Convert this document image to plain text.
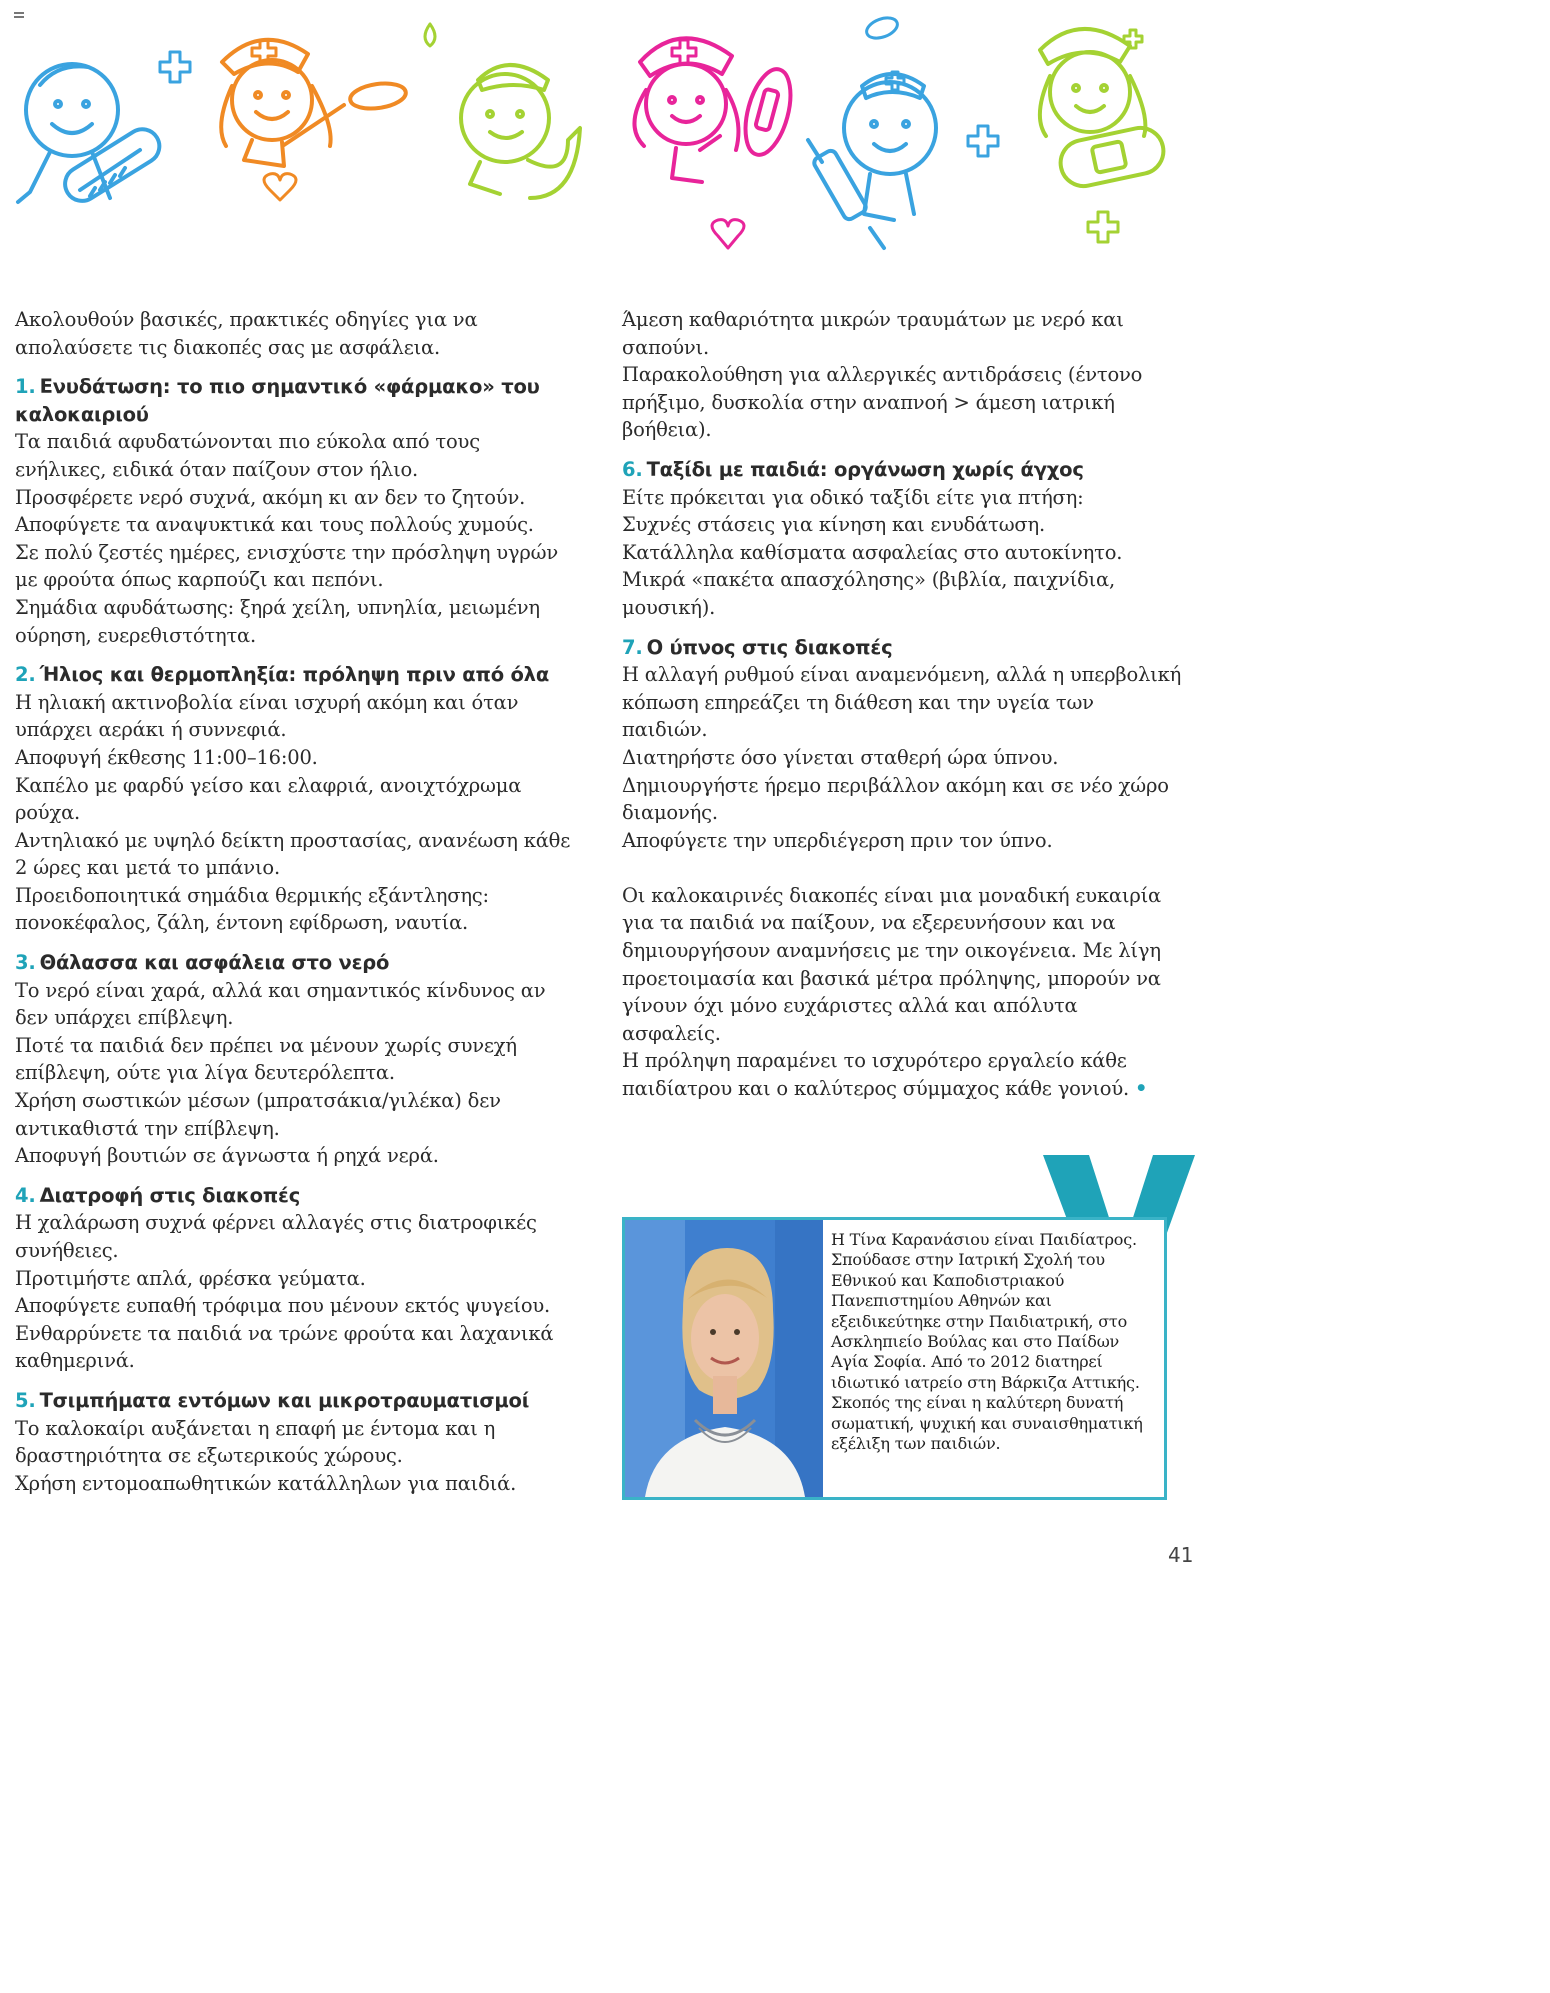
Ακολουθούν βασικές, πρακτικές οδηγίες για να απολαύσετε τις διακοπές σας με ασφάλεια.

1. Ενυδάτωση: το πιο σημαντικό «φάρμακο» του καλοκαιριού

Τα παιδιά αφυδατώνονται πιο εύκολα από τους ενήλικες, ειδικά όταν παίζουν στον ήλιο.

Προσφέρετε νερό συχνά, ακόμη κι αν δεν το ζητούν.

Αποφύγετε τα αναψυκτικά και τους πολλούς χυμούς.

Σε πολύ ζεστές ημέρες, ενισχύστε την πρόσληψη υγρών με φρούτα όπως καρπούζι και πεπόνι.

Σημάδια αφυδάτωσης: ξηρά χείλη, υπνηλία, μειωμένη ούρηση, ευερεθιστότητα.

2. Ήλιος και θερμοπληξία: πρόληψη πριν από όλα

Η ηλιακή ακτινοβολία είναι ισχυρή ακόμη και όταν υπάρχει αεράκι ή συννεφιά.

Αποφυγή έκθεσης 11:00–16:00.

Καπέλο με φαρδύ γείσο και ελαφριά, ανοιχτόχρωμα ρούχα.

Αντηλιακό με υψηλό δείκτη προστασίας, ανανέωση κάθε 2 ώρες και μετά το μπάνιο.

Προειδοποιητικά σημάδια θερμικής εξάντλησης: πονοκέφαλος, ζάλη, έντονη εφίδρωση, ναυτία.

3. Θάλασσα και ασφάλεια στο νερό

Το νερό είναι χαρά, αλλά και σημαντικός κίνδυνος αν δεν υπάρχει επίβλεψη.

Ποτέ τα παιδιά δεν πρέπει να μένουν χωρίς συνεχή επίβλεψη, ούτε για λίγα δευτερόλεπτα.

Χρήση σωστικών μέσων (μπρατσάκια/γιλέκα) δεν αντικαθιστά την επίβλεψη.

Αποφυγή βουτιών σε άγνωστα ή ρηχά νερά.

4. Διατροφή στις διακοπές

Η χαλάρωση συχνά φέρνει αλλαγές στις διατροφικές συνήθειες.

Προτιμήστε απλά, φρέσκα γεύματα.

Αποφύγετε ευπαθή τρόφιμα που μένουν εκτός ψυγείου.

Ενθαρρύνετε τα παιδιά να τρώνε φρούτα και λαχανικά καθημερινά.

5. Τσιμπήματα εντόμων και μικροτραυματισμοί

Το καλοκαίρι αυξάνεται η επαφή με έντομα και η δραστηριότητα σε εξωτερικούς χώρους.

Χρήση εντομοαπωθητικών κατάλληλων για παιδιά.

Άμεση καθαριότητα μικρών τραυμάτων με νερό και σαπούνι.

Παρακολούθηση για αλλεργικές αντιδράσεις (έντονο πρήξιμο, δυσκολία στην αναπνοή > άμεση ιατρική βοήθεια).

6. Ταξίδι με παιδιά: οργάνωση χωρίς άγχος

Είτε πρόκειται για οδικό ταξίδι είτε για πτήση:

Συχνές στάσεις για κίνηση και ενυδάτωση.

Κατάλληλα καθίσματα ασφαλείας στο αυτοκίνητο.

Μικρά «πακέτα απασχόλησης» (βιβλία, παιχνίδια, μουσική).

7. Ο ύπνος στις διακοπές

Η αλλαγή ρυθμού είναι αναμενόμενη, αλλά η υπερβολική κόπωση επηρεάζει τη διάθεση και την υγεία των παιδιών.

Διατηρήστε όσο γίνεται σταθερή ώρα ύπνου.

Δημιουργήστε ήρεμο περιβάλλον ακόμη και σε νέο χώρο διαμονής.

Αποφύγετε την υπερδιέγερση πριν τον ύπνο.

Οι καλοκαιρινές διακοπές είναι μια μοναδική ευκαιρία για τα παιδιά να παίξουν, να εξερευνήσουν και να δημιουργήσουν αναμνήσεις με την οικογένεια. Με λίγη προετοιμασία και βασικά μέτρα πρόληψης, μπορούν να γίνουν όχι μόνο ευχάριστες αλλά και απόλυτα ασφαλείς.

Η πρόληψη παραμένει το ισχυρότερο εργαλείο κάθε παιδίατρου και ο καλύτερος σύμμαχος κάθε γονιού. •

Η Τίνα Καρανάσιου είναι Παιδίατρος. Σπούδασε στην Ιατρική Σχολή του Εθνικού και Καποδιστριακού Πανεπιστημίου Αθηνών και εξειδικεύτηκε στην Παιδιατρική, στο Ασκληπιείο Βούλας και στο Παίδων Αγία Σοφία. Από το 2012 διατηρεί ιδιωτικό ιατρείο στη Βάρκιζα Αττικής. Σκοπός της είναι η καλύτερη δυνατή σωματική, ψυχική και συναισθηματική εξέλιξη των παιδιών.

41
